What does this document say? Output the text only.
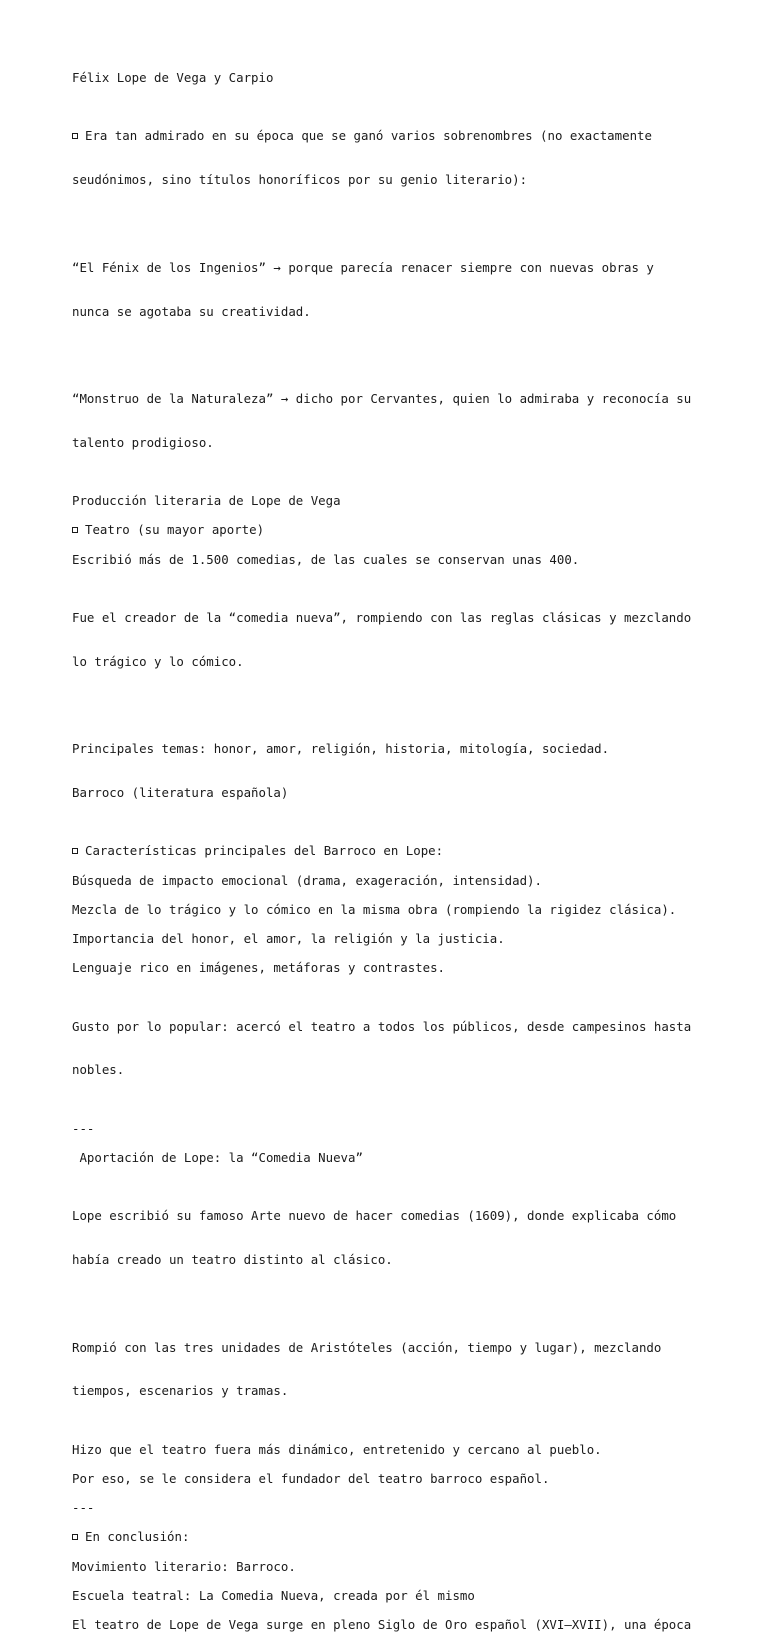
Félix Lope de Vega y Carpio

Era tan admirado en su época que se ganó varios sobrenombres (no exactamente

seudónimos, sino títulos honoríficos por su genio literario):

“El Fénix de los Ingenios” → porque parecía renacer siempre con nuevas obras y

nunca se agotaba su creatividad.

“Monstruo de la Naturaleza” → dicho por Cervantes, quien lo admiraba y reconocía su

talento prodigioso.

Producción literaria de Lope de Vega

Teatro (su mayor aporte)

Escribió más de 1.500 comedias, de las cuales se conservan unas 400.

Fue el creador de la “comedia nueva”, rompiendo con las reglas clásicas y mezclando

lo trágico y lo cómico.

Principales temas: honor, amor, religión, historia, mitología, sociedad.

Barroco (literatura española)

Características principales del Barroco en Lope:

Búsqueda de impacto emocional (drama, exageración, intensidad).

Mezcla de lo trágico y lo cómico en la misma obra (rompiendo la rigidez clásica).

Importancia del honor, el amor, la religión y la justicia.

Lenguaje rico en imágenes, metáforas y contrastes.

Gusto por lo popular: acercó el teatro a todos los públicos, desde campesinos hasta

nobles.

---

Aportación de Lope: la “Comedia Nueva”

Lope escribió su famoso Arte nuevo de hacer comedias (1609), donde explicaba cómo

había creado un teatro distinto al clásico.

Rompió con las tres unidades de Aristóteles (acción, tiempo y lugar), mezclando

tiempos, escenarios y tramas.

Hizo que el teatro fuera más dinámico, entretenido y cercano al pueblo.

Por eso, se le considera el fundador del teatro barroco español.

---

En conclusión:

Movimiento literario: Barroco.

Escuela teatral: La Comedia Nueva, creada por él mismo

El teatro de Lope de Vega surge en pleno Siglo de Oro español (XVI–XVII), una época
